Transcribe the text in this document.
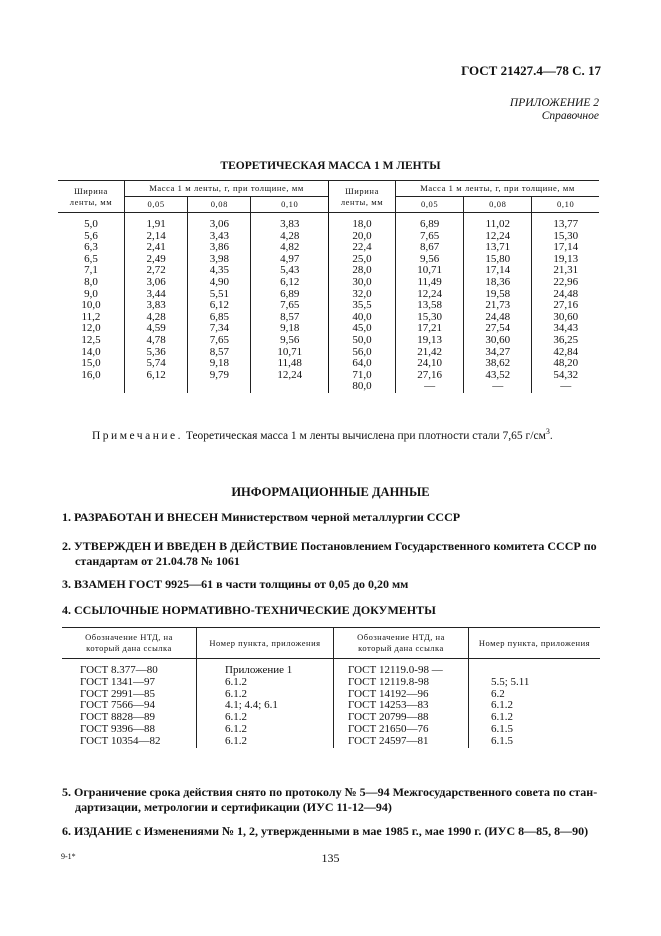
ГОСТ 21427.4—78 С. 17
ПРИЛОЖЕНИЕ 2
Справочное
ТЕОРЕТИЧЕСКАЯ МАССА 1 М ЛЕНТЫ
Ширина
ленты, мм	Масса 1 м ленты, г, при толщине, мм			Ширина
ленты, мм	Масса 1 м ленты, г, при толщине, мм		
	0,05	0,08	0,10		0,05	0,08	0,10
5,0	1,91	3,06	3,83	18,0	6,89	11,02	13,77
5,6	2,14	3,43	4,28	20,0	7,65	12,24	15,30
6,3	2,41	3,86	4,82	22,4	8,67	13,71	17,14
6,5	2,49	3,98	4,97	25,0	9,56	15,80	19,13
7,1	2,72	4,35	5,43	28,0	10,71	17,14	21,31
8,0	3,06	4,90	6,12	30,0	11,49	18,36	22,96
9,0	3,44	5,51	6,89	32,0	12,24	19,58	24,48
10,0	3,83	6,12	7,65	35,5	13,58	21,73	27,16
11,2	4,28	6,85	8,57	40,0	15,30	24,48	30,60
12,0	4,59	7,34	9,18	45,0	17,21	27,54	34,43
12,5	4,78	7,65	9,56	50,0	19,13	30,60	36,25
14,0	5,36	8,57	10,71	56,0	21,42	34,27	42,84
15,0	5,74	9,18	11,48	64,0	24,10	38,62	48,20
16,0	6,12	9,79	12,24	71,0	27,16	43,52	54,32
				80,0	—	—	—
Примечание. Теоретическая масса 1 м ленты вычислена при плотности стали 7,65 $г/см^3$.
ИНФОРМАЦИОННЫЕ ДАННЫЕ
1. РАЗРАБОТАН И ВНЕСЕН Министерством черной металлургии СССР
2. УТВЕРЖДЕН И ВВЕДЕН В ДЕЙСТВИЕ Постановлением Государственного комитета СССР по
стандартам от 21.04.78 № 1061
3. ВЗАМЕН ГОСТ 9925—61 в части толщины от 0,05 до 0,20 мм
4. ССЫЛОЧНЫЕ НОРМАТИВНО-ТЕХНИЧЕСКИЕ ДОКУМЕНТЫ
Обозначение НТД, на
который дана ссылка	Номер пункта, приложения	Обозначение НТД, на
который дана ссылка	Номер пункта, приложения
ГОСТ 8.377—80	Приложение 1	ГОСТ 12119.0-98 —	
ГОСТ 1341—97	6.1.2	ГОСТ 12119.8-98	5.5; 5.11
ГОСТ 2991—85	6.1.2	ГОСТ 14192—96	6.2
ГОСТ 7566—94	4.1; 4.4; 6.1	ГОСТ 14253—83	6.1.2
ГОСТ 8828—89	6.1.2	ГОСТ 20799—88	6.1.2
ГОСТ 9396—88	6.1.2	ГОСТ 21650—76	6.1.5
ГОСТ 10354—82	6.1.2	ГОСТ 24597—81	6.1.5
5. Ограничение срока действия снято по протоколу № 5—94 Межгосударственного совета по стан-
дартизации, метрологии и сертификации (ИУС 11-12—94)
6. ИЗДАНИЕ с Изменениями № 1, 2, утвержденными в мае 1985 г., мае 1990 г. (ИУС 8—85, 8—90)
135
9-1*
